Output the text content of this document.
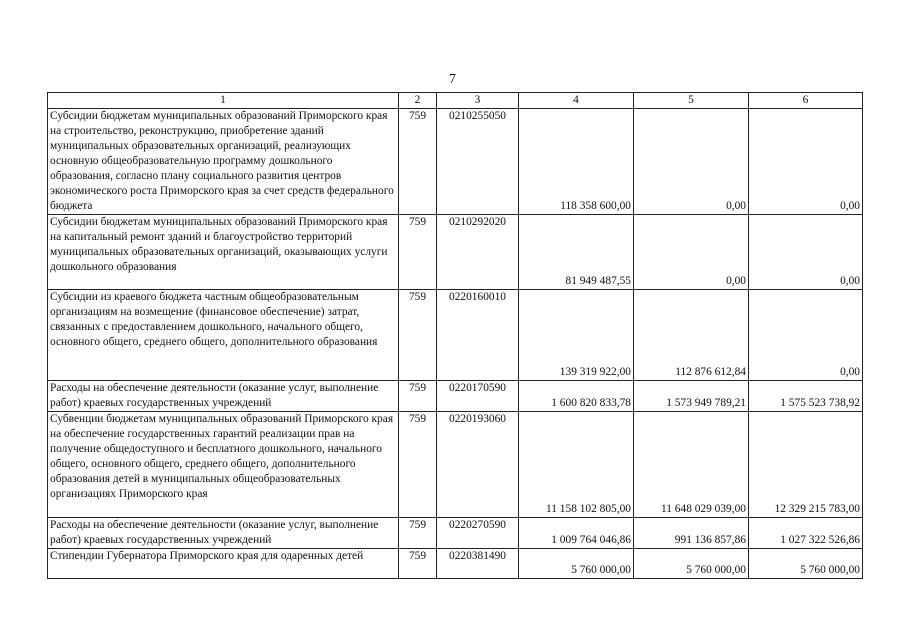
7
1	2	3	4	5	6
Субсидии бюджетам муниципальных образований Приморского края на строительство, реконструкцию, приобретение зданий муниципальных образовательных организаций, реализующих основную общеобразовательную программу дошкольного образования, согласно плану социального развития центров экономического роста Приморского края за счет средств федерального бюджета	759	0210255050	118 358 600,00	0,00	0,00
Субсидии бюджетам муниципальных образований Приморского края на капитальный ремонт зданий и благоустройство территорий муниципальных образовательных организаций, оказывающих услуги дошкольного образования	759	0210292020	81 949 487,55	0,00	0,00
Субсидии из краевого бюджета частным общеобразовательным организациям на возмещение (финансовое обеспечение) затрат, связанных с предоставлением дошкольного, начального общего, основного общего, среднего общего, дополнительного образования	759	0220160010	139 319 922,00	112 876 612,84	0,00
Расходы на обеспечение деятельности (оказание услуг, выполнение работ) краевых государственных учреждений	759	0220170590	1 600 820 833,78	1 573 949 789,21	1 575 523 738,92
Субвенции бюджетам муниципальных образований Приморского края на обеспечение государственных гарантий реализации прав на получение общедоступного и бесплатного дошкольного, начального общего, основного общего, среднего общего, дополнительного образования детей в муниципальных общеобразовательных организациях Приморского края	759	0220193060	11 158 102 805,00	11 648 029 039,00	12 329 215 783,00
Расходы на обеспечение деятельности (оказание услуг, выполнение работ) краевых государственных учреждений	759	0220270590	1 009 764 046,86	991 136 857,86	1 027 322 526,86
Стипендии Губернатора Приморского края для одаренных детей	759	0220381490	5 760 000,00	5 760 000,00	5 760 000,00
